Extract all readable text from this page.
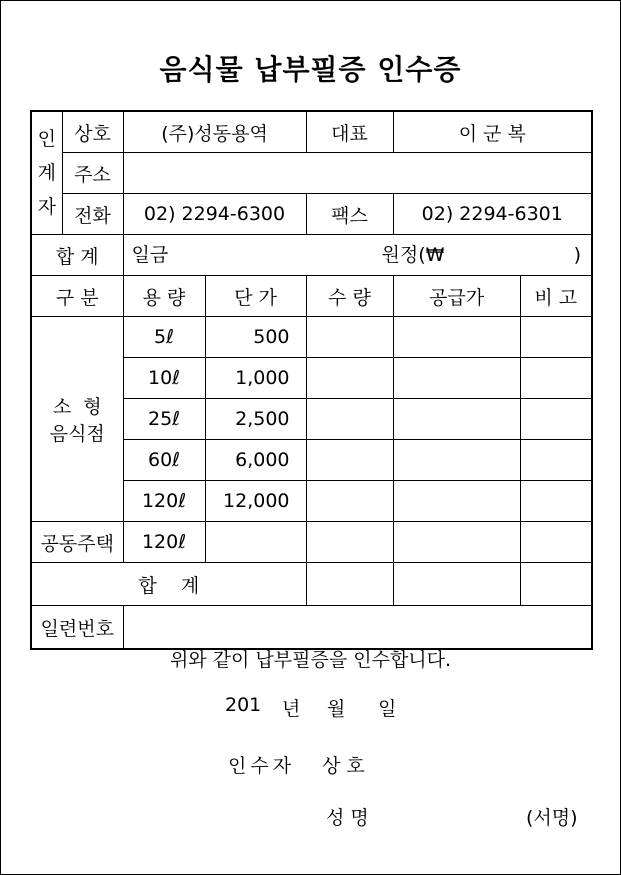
음식물 납부필증 인수증
인
계
자	상호	(주)성동용역		대표	이 군 복	
	주소					
	전화	02) 2294-6300		팩스	02) 2294-6301	
합 계		일금 원정(₩ )				

구 분		용 량	단 가	수 량	공급가	비 고

소  형
음식점		5ℓ	500			
		10ℓ	1,000			
		25ℓ	2,500			
		60ℓ	6,000			
		120ℓ	12,000			
공동주택		120ℓ				
합    계						
일련번호						
위와 같이 납부필증을 인수합니다.
201 년 월 일
인수자 상 호
성 명	(서명)
